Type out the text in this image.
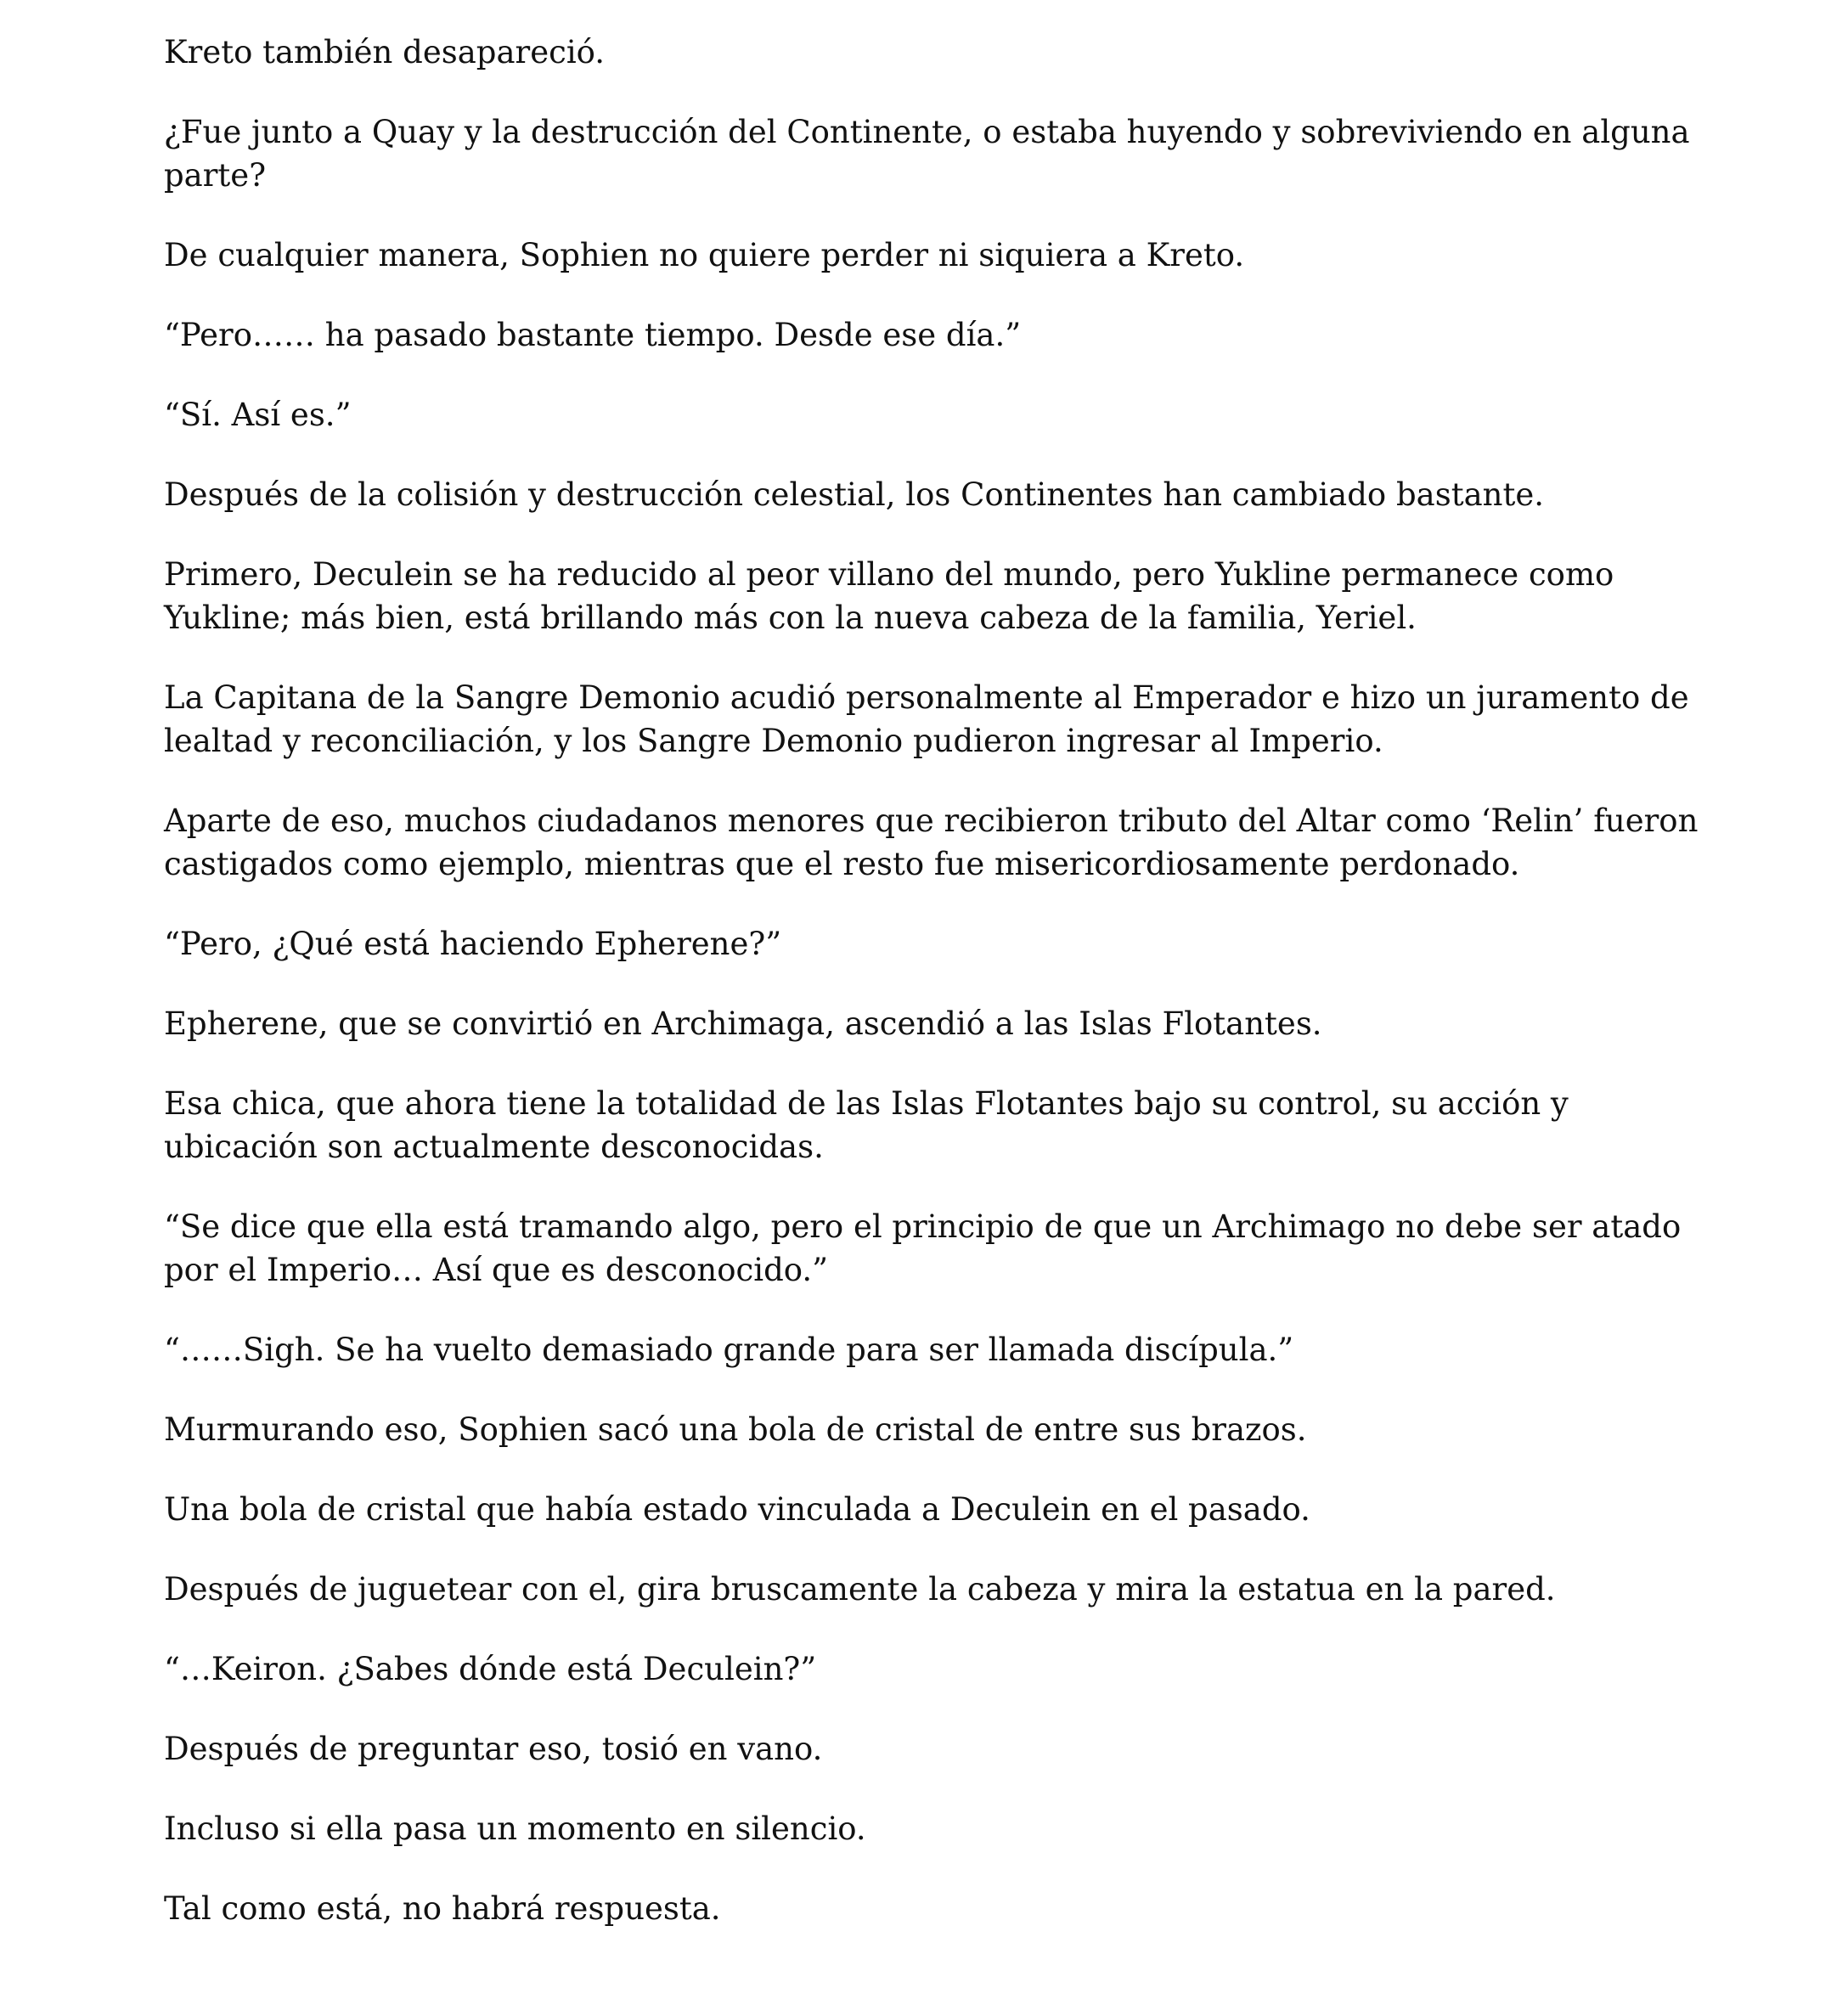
Kreto también desapareció.

¿Fue junto a Quay y la destrucción del Continente, o estaba huyendo y sobreviviendo en alguna parte?

De cualquier manera, Sophien no quiere perder ni siquiera a Kreto.

“Pero…… ha pasado bastante tiempo. Desde ese día.”

“Sí. Así es.”

Después de la colisión y destrucción celestial, los Continentes han cambiado bastante.

Primero, Deculein se ha reducido al peor villano del mundo, pero Yukline permanece como Yukline; más bien, está brillando más con la nueva cabeza de la familia, Yeriel.

La Capitana de la Sangre Demonio acudió personalmente al Emperador e hizo un juramento de lealtad y reconciliación, y los Sangre Demonio pudieron ingresar al Imperio.

Aparte de eso, muchos ciudadanos menores que recibieron tributo del Altar como ‘Relin’ fueron castigados como ejemplo, mientras que el resto fue misericordiosamente perdonado.

“Pero, ¿Qué está haciendo Epherene?”

Epherene, que se convirtió en Archimaga, ascendió a las Islas Flotantes.

Esa chica, que ahora tiene la totalidad de las Islas Flotantes bajo su control, su acción y ubicación son actualmente desconocidas.

“Se dice que ella está tramando algo, pero el principio de que un Archimago no debe ser atado por el Imperio… Así que es desconocido.”

“……Sigh. Se ha vuelto demasiado grande para ser llamada discípula.”

Murmurando eso, Sophien sacó una bola de cristal de entre sus brazos.

Una bola de cristal que había estado vinculada a Deculein en el pasado.

Después de juguetear con el, gira bruscamente la cabeza y mira la estatua en la pared.

“…Keiron. ¿Sabes dónde está Deculein?”

Después de preguntar eso, tosió en vano.

Incluso si ella pasa un momento en silencio.

Tal como está, no habrá respuesta.
